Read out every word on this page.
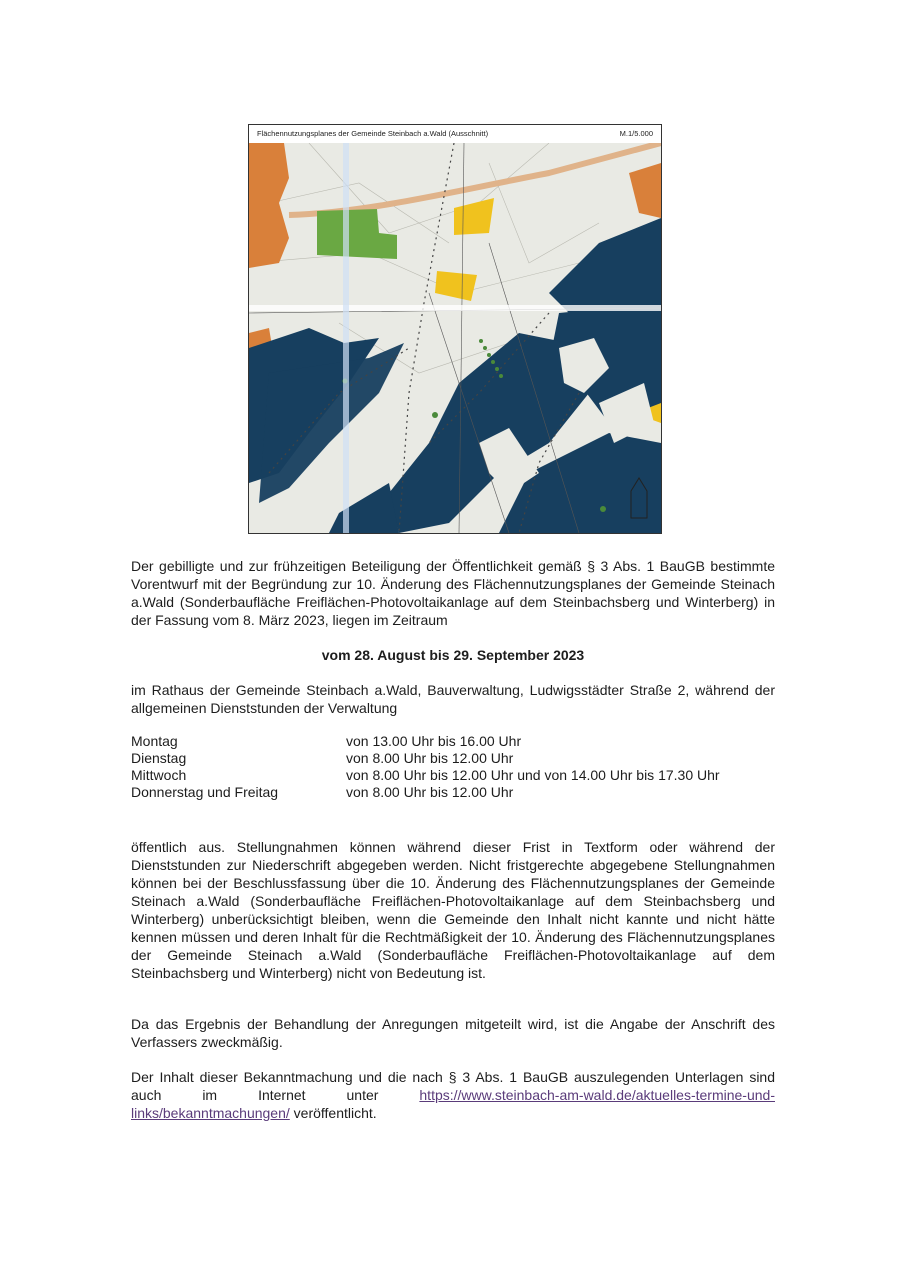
Flächennutzungsplanes der Gemeinde Steinbach a.Wald (Ausschnitt)	M.1/5.000

Der gebilligte und zur frühzeitigen Beteiligung der Öffentlichkeit gemäß § 3 Abs. 1 BauGB bestimmte Vorentwurf mit der Begründung zur 10. Änderung des Flächennutzungsplanes der Gemeinde Steinach a.Wald (Sonderbaufläche Freiflächen-Photovoltaikanlage auf dem Steinbachsberg und Winterberg) in der Fassung vom 8. März 2023, liegen im Zeitraum

vom 28. August bis 29. September 2023

im Rathaus der Gemeinde Steinbach a.Wald, Bauverwaltung, Ludwigsstädter Straße 2, während der allgemeinen Dienststunden der Verwaltung

Montag	von 13.00 Uhr bis 16.00 Uhr
Dienstag	von 8.00 Uhr bis 12.00 Uhr
Mittwoch	von 8.00 Uhr bis 12.00 Uhr und von 14.00 Uhr bis 17.30 Uhr
Donnerstag und Freitag	von 8.00 Uhr bis 12.00 Uhr

öffentlich aus. Stellungnahmen können während dieser Frist in Textform oder während der Dienststunden zur Niederschrift abgegeben werden. Nicht fristgerechte abgegebene Stellungnahmen können bei der Beschlussfassung über die 10. Änderung des Flächennutzungsplanes der Gemeinde Steinach a.Wald (Sonderbaufläche Freiflächen-Photovoltaikanlage auf dem Steinbachsberg und Winterberg) unberücksichtigt bleiben, wenn die Gemeinde den Inhalt nicht kannte und nicht hätte kennen müssen und deren Inhalt für die Rechtmäßigkeit der 10. Änderung des Flächennutzungsplanes der Gemeinde Steinach a.Wald (Sonderbaufläche Freiflächen-Photovoltaikanlage auf dem Steinbachsberg und Winterberg) nicht von Bedeutung ist.

Da das Ergebnis der Behandlung der Anregungen mitgeteilt wird, ist die Angabe der Anschrift des Verfassers zweckmäßig.

Der Inhalt dieser Bekanntmachung und die nach § 3 Abs. 1 BauGB auszulegenden Unterlagen sind auch im Internet unter https://www.steinbach-am-wald.de/aktuelles-termine-und-links/bekanntmachungen/ veröffentlicht.
